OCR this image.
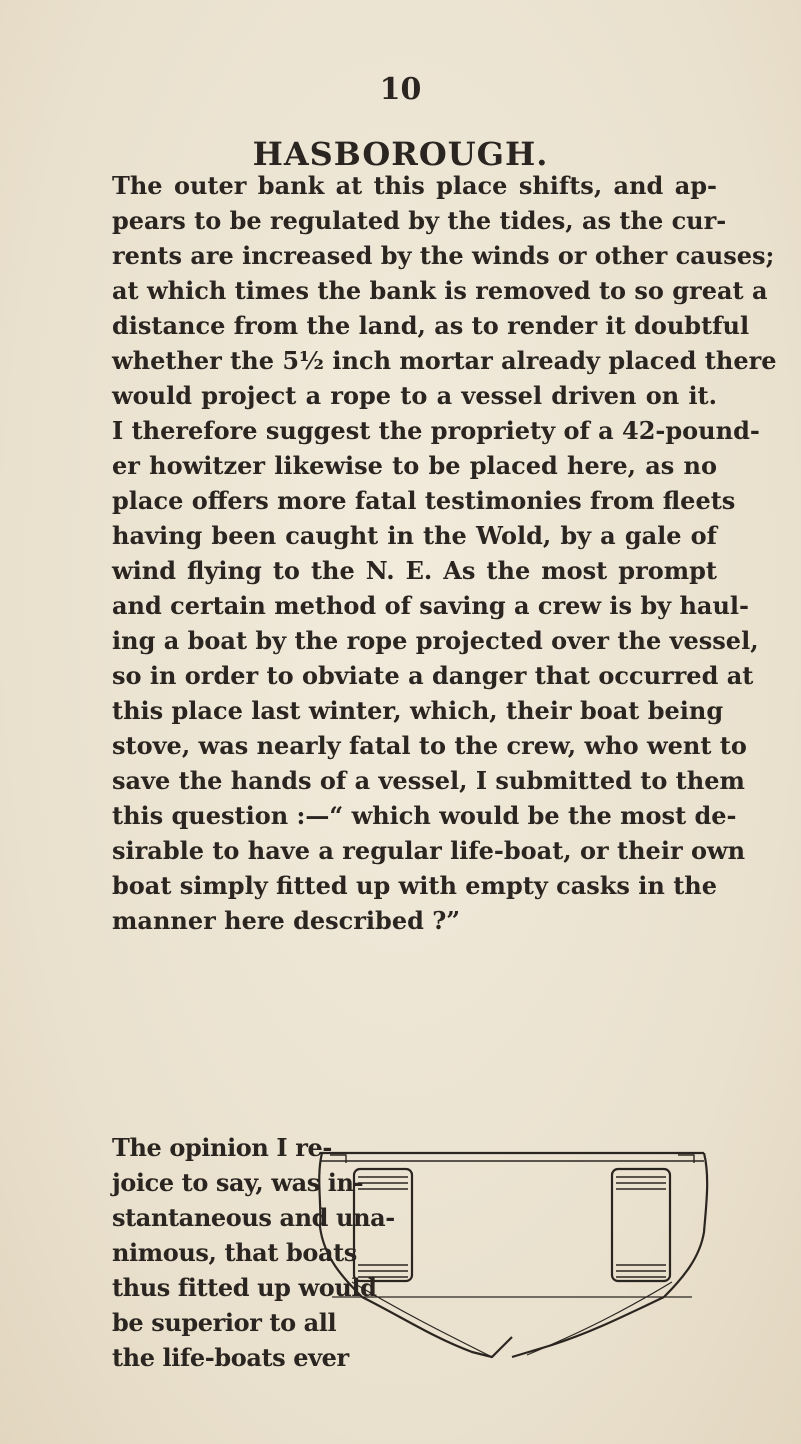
10
HASBOROUGH.
The outer bank at this place shifts, and ap-
pears to be regulated by the tides, as the cur-
rents are increased by the winds or other causes;
at which times the bank is removed to so great a
distance from the land, as to render it doubtful
whether the 5½ inch mortar already placed there
would project a rope to a vessel driven on it.
I therefore suggest the propriety of a 42-pound-
er howitzer likewise to be placed here, as no
place offers more fatal testimonies from fleets
having been caught in the Wold, by a gale of
wind flying to the N. E. As the most prompt
and certain method of saving a crew is by haul-
ing a boat by the rope projected over the vessel,
so in order to obviate a danger that occurred at
this place last winter, which, their boat being
stove, was nearly fatal to the crew, who went to
save the hands of a vessel, I submitted to them
this question :—“ which would be the most de-
sirable to have a regular life-boat, or their own
boat simply fitted up with empty casks in the
manner here described ?”
The opinion I re-
joice to say, was in-
stantaneous and una-
nimous, that boats
thus fitted up would
be superior to all
the life-boats ever
